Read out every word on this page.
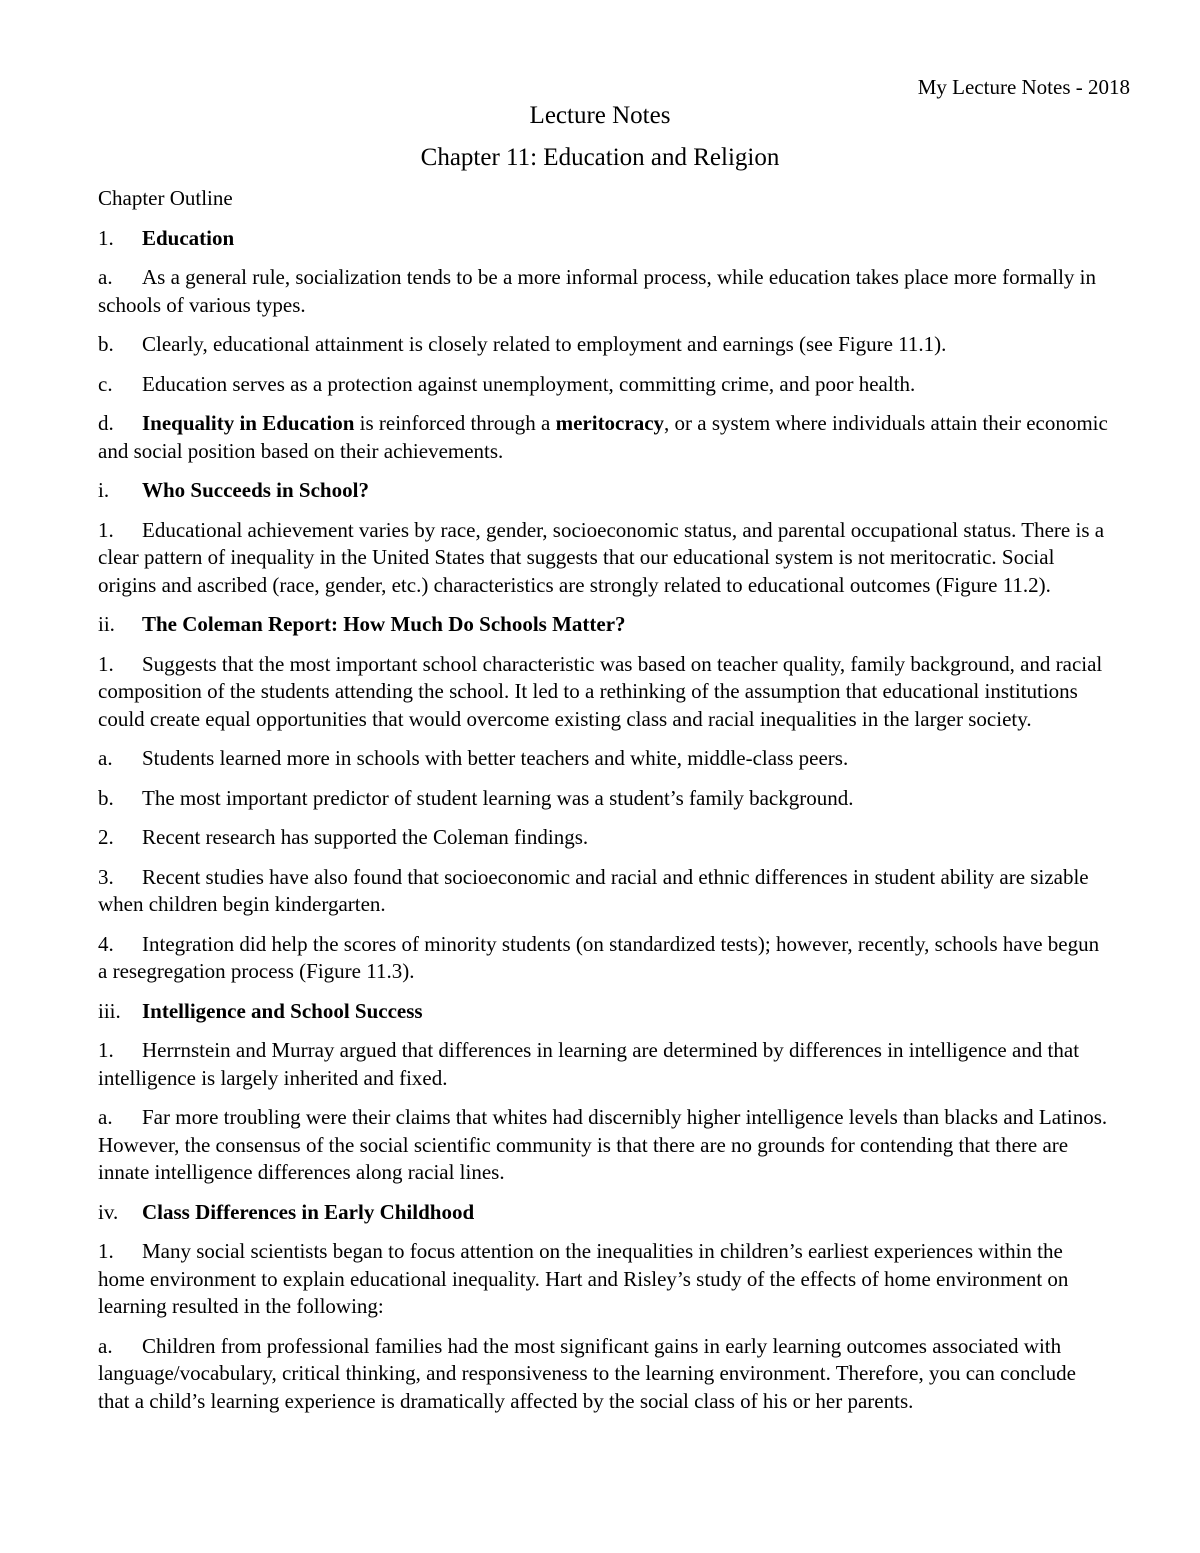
My Lecture Notes - 2018
Lecture Notes
Chapter 11: Education and Religion

Chapter Outline

1. Education

a. As a general rule, socialization tends to be a more informal process, while education takes place more formally in schools of various types.

b. Clearly, educational attainment is closely related to employment and earnings (see Figure 11.1).

c. Education serves as a protection against unemployment, committing crime, and poor health.

d. Inequality in Education is reinforced through a meritocracy, or a system where individuals attain their economic and social position based on their achievements.

i. Who Succeeds in School?

1. Educational achievement varies by race, gender, socioeconomic status, and parental occupational status. There is a clear pattern of inequality in the United States that suggests that our educational system is not meritocratic. Social origins and ascribed (race, gender, etc.) characteristics are strongly related to educational outcomes (Figure 11.2).

ii. The Coleman Report: How Much Do Schools Matter?

1. Suggests that the most important school characteristic was based on teacher quality, family background, and racial composition of the students attending the school. It led to a rethinking of the assumption that educational institutions could create equal opportunities that would overcome existing class and racial inequalities in the larger society.

a. Students learned more in schools with better teachers and white, middle-class peers.

b. The most important predictor of student learning was a student’s family background.

2. Recent research has supported the Coleman findings.

3. Recent studies have also found that socioeconomic and racial and ethnic differences in student ability are sizable when children begin kindergarten.

4. Integration did help the scores of minority students (on standardized tests); however, recently, schools have begun a resegregation process (Figure 11.3).

iii. Intelligence and School Success

1. Herrnstein and Murray argued that differences in learning are determined by differences in intelligence and that intelligence is largely inherited and fixed.

a. Far more troubling were their claims that whites had discernibly higher intelligence levels than blacks and Latinos. However, the consensus of the social scientific community is that there are no grounds for contending that there are innate intelligence differences along racial lines.

iv. Class Differences in Early Childhood

1. Many social scientists began to focus attention on the inequalities in children’s earliest experiences within the home environment to explain educational inequality. Hart and Risley’s study of the effects of home environment on learning resulted in the following:

a. Children from professional families had the most significant gains in early learning outcomes associated with language/vocabulary, critical thinking, and responsiveness to the learning environment. Therefore, you can conclude that a child’s learning experience is dramatically affected by the social class of his or her parents.
